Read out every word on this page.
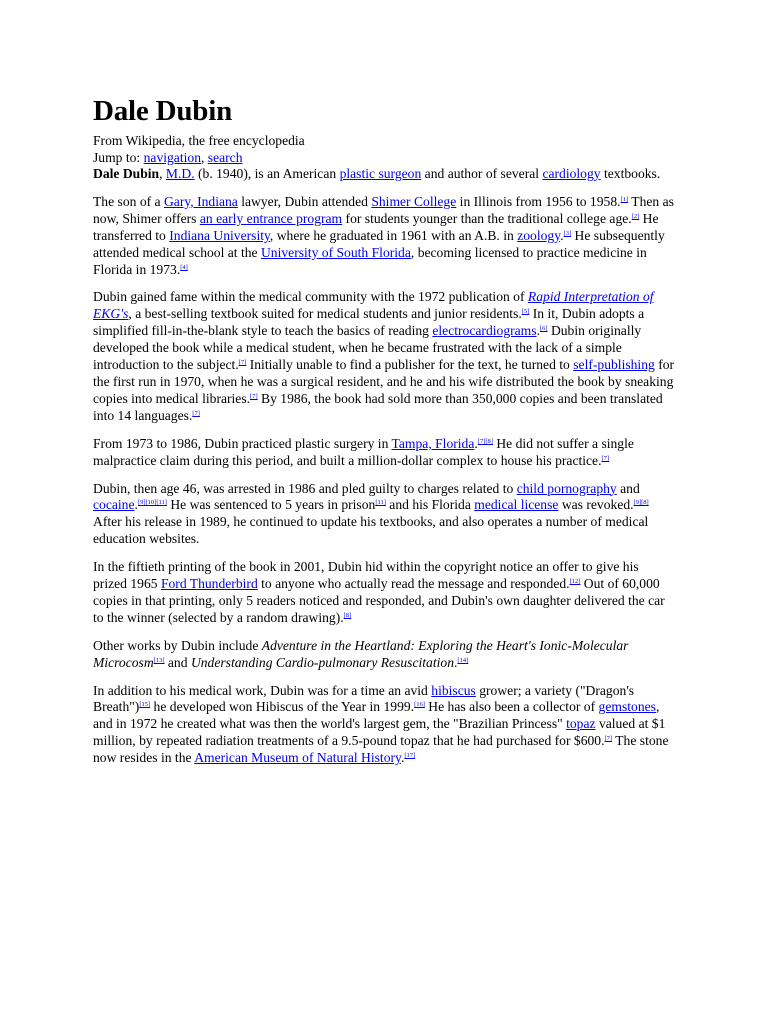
Dale Dubin
From Wikipedia, the free encyclopedia
Jump to: navigation, search

Dale Dubin, M.D. (b. 1940), is an American plastic surgeon and author of several cardiology textbooks.

The son of a Gary, Indiana lawyer, Dubin attended Shimer College in Illinois from 1956 to 1958.[1] Then as now, Shimer offers an early entrance program for students younger than the traditional college age.[2] He transferred to Indiana University, where he graduated in 1961 with an A.B. in zoology.[3] He subsequently attended medical school at the University of South Florida, becoming licensed to practice medicine in Florida in 1973.[4]

Dubin gained fame within the medical community with the 1972 publication of Rapid Interpretation of EKG's, a best-selling textbook suited for medical students and junior residents.[5] In it, Dubin adopts a simplified fill-in-the-blank style to teach the basics of reading electrocardiograms.[6] Dubin originally developed the book while a medical student, when he became frustrated with the lack of a simple introduction to the subject.[7] Initially unable to find a publisher for the text, he turned to self-publishing for the first run in 1970, when he was a surgical resident, and he and his wife distributed the book by sneaking copies into medical libraries.[7] By 1986, the book had sold more than 350,000 copies and been translated into 14 languages.[7]

From 1973 to 1986, Dubin practiced plastic surgery in Tampa, Florida.[7][8] He did not suffer a single malpractice claim during this period, and built a million-dollar complex to house his practice.[7]

Dubin, then age 46, was arrested in 1986 and pled guilty to charges related to child pornography and cocaine.[9][10][11] He was sentenced to 5 years in prison[11] and his Florida medical license was revoked.[9][8] After his release in 1989, he continued to update his textbooks, and also operates a number of medical education websites.

In the fiftieth printing of the book in 2001, Dubin hid within the copyright notice an offer to give his prized 1965 Ford Thunderbird to anyone who actually read the message and responded.[12] Out of 60,000 copies in that printing, only 5 readers noticed and responded, and Dubin's own daughter delivered the car to the winner (selected by a random drawing).[8]

Other works by Dubin include Adventure in the Heartland: Exploring the Heart's Ionic-Molecular Microcosm[13] and Understanding Cardio-pulmonary Resuscitation.[14]

In addition to his medical work, Dubin was for a time an avid hibiscus grower; a variety ("Dragon's Breath")[15] he developed won Hibiscus of the Year in 1999.[16] He has also been a collector of gemstones, and in 1972 he created what was then the world's largest gem, the "Brazilian Princess" topaz valued at $1 million, by repeated radiation treatments of a 9.5-pound topaz that he had purchased for $600.[7] The stone now resides in the American Museum of Natural History.[17]
